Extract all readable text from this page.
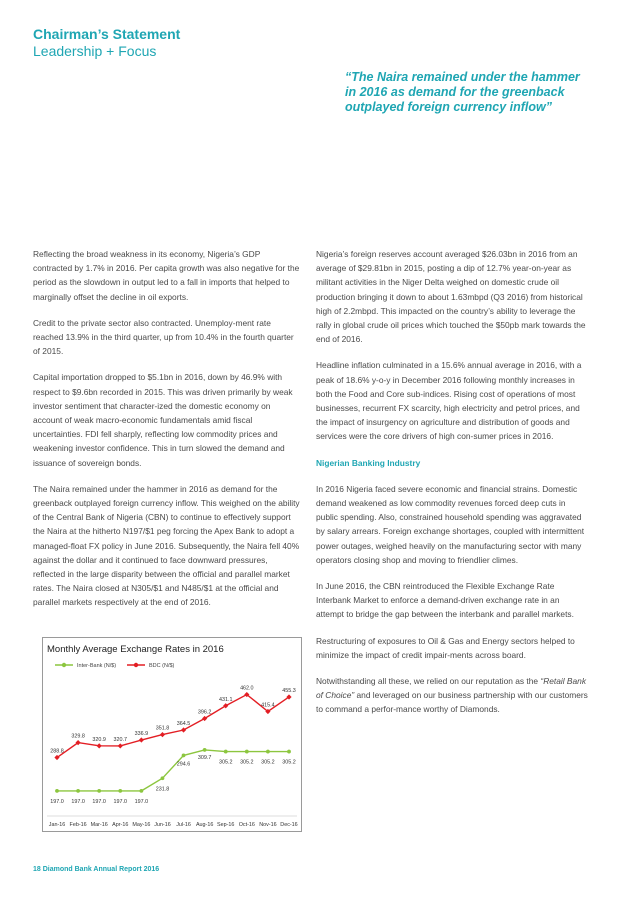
Chairman’s Statement
Leadership + Focus
“The Naira remained under the hammer in 2016 as demand for the greenback outplayed foreign currency inflow”

Reflecting the broad weakness in its economy, Nigeria’s GDP contracted by 1.7% in 2016. Per capita growth was also negative for the period as the slowdown in output led to a fall in imports that helped to marginally offset the decline in oil exports.

Credit to the private sector also contracted. Unemploy-ment rate reached 13.9% in the third quarter, up from 10.4% in the fourth quarter of 2015.

Capital importation dropped to $5.1bn in 2016, down by 46.9% with respect to $9.6bn recorded in 2015. This was driven primarily by weak investor sentiment that character-ized the domestic economy on account of weak macro-economic fundamentals amid fiscal uncertainties. FDI fell sharply, reflecting low commodity prices and weakening investor confidence. This in turn slowed the demand and issuance of sovereign bonds.

The Naira remained under the hammer in 2016 as demand for the greenback outplayed foreign currency inflow. This weighed on the ability of the Central Bank of Nigeria (CBN) to continue to effectively support the Naira at the hitherto N197/$1 peg forcing the Apex Bank to adopt a managed-float FX policy in June 2016. Subsequently, the Naira fell 40% against the dollar and it continued to face downward pressures, reflected in the large disparity between the official and parallel market rates. The Naira closed at N305/$1 and N485/$1 at the official and parallel markets respectively at the end of 2016.

Monthly Average Exchange Rates in 2016
Inter-Bank (N/$)	BDC (N/$)
Jan-16 Feb-16 Mar-16 Apr-16 May-16 Jun-16 Jul-16 Aug-16 Sep-16 Oct-16 Nov-16 Dec-16
197.0 197.0 197.0 197.0 197.0
231.8
294.6
309.7
305.2 305.2 305.2 305.2
288.8
329.8
320.9 320.7
336.9
351.8
364.5
396.2
431.1
462.0
415.4
455.3

Nigeria’s foreign reserves account averaged $26.03bn in 2016 from an average of $29.81bn in 2015, posting a dip of 12.7% year-on-year as militant activities in the Niger Delta weighed on domestic crude oil production bringing it down to about 1.63mbpd (Q3 2016) from historical high of 2.2mbpd. This impacted on the country’s ability to leverage the rally in global crude oil prices which touched the $50pb mark towards the end of 2016.

Headline inflation culminated in a 15.6% annual average in 2016, with a peak of 18.6% y-o-y in December 2016 following monthly increases in both the Food and Core sub-indices. Rising cost of operations of most businesses, recurrent FX scarcity, high electricity and petrol prices, and the impact of insurgency on agriculture and distribution of goods and services were the core drivers of high con-sumer prices in 2016.

Nigerian Banking Industry

In 2016 Nigeria faced severe economic and financial strains. Domestic demand weakened as low commodity revenues forced deep cuts in public spending. Also, constrained household spending was aggravated by salary arrears. Foreign exchange shortages, coupled with intermittent power outages, weighed heavily on the manufacturing sector with many operators closing shop and moving to friendlier climes.

In June 2016, the CBN reintroduced the Flexible Exchange Rate Interbank Market to enforce a demand-driven exchange rate in an attempt to bridge the gap between the interbank and parallel markets.

Restructuring of exposures to Oil & Gas and Energy sectors helped to minimize the impact of credit impair-ments across board.

Notwithstanding all these, we relied on our reputation as the “Retail Bank of Choice” and leveraged on our business partnership with our customers to command a perfor-mance worthy of Diamonds.

18 Diamond Bank Annual Report 2016
